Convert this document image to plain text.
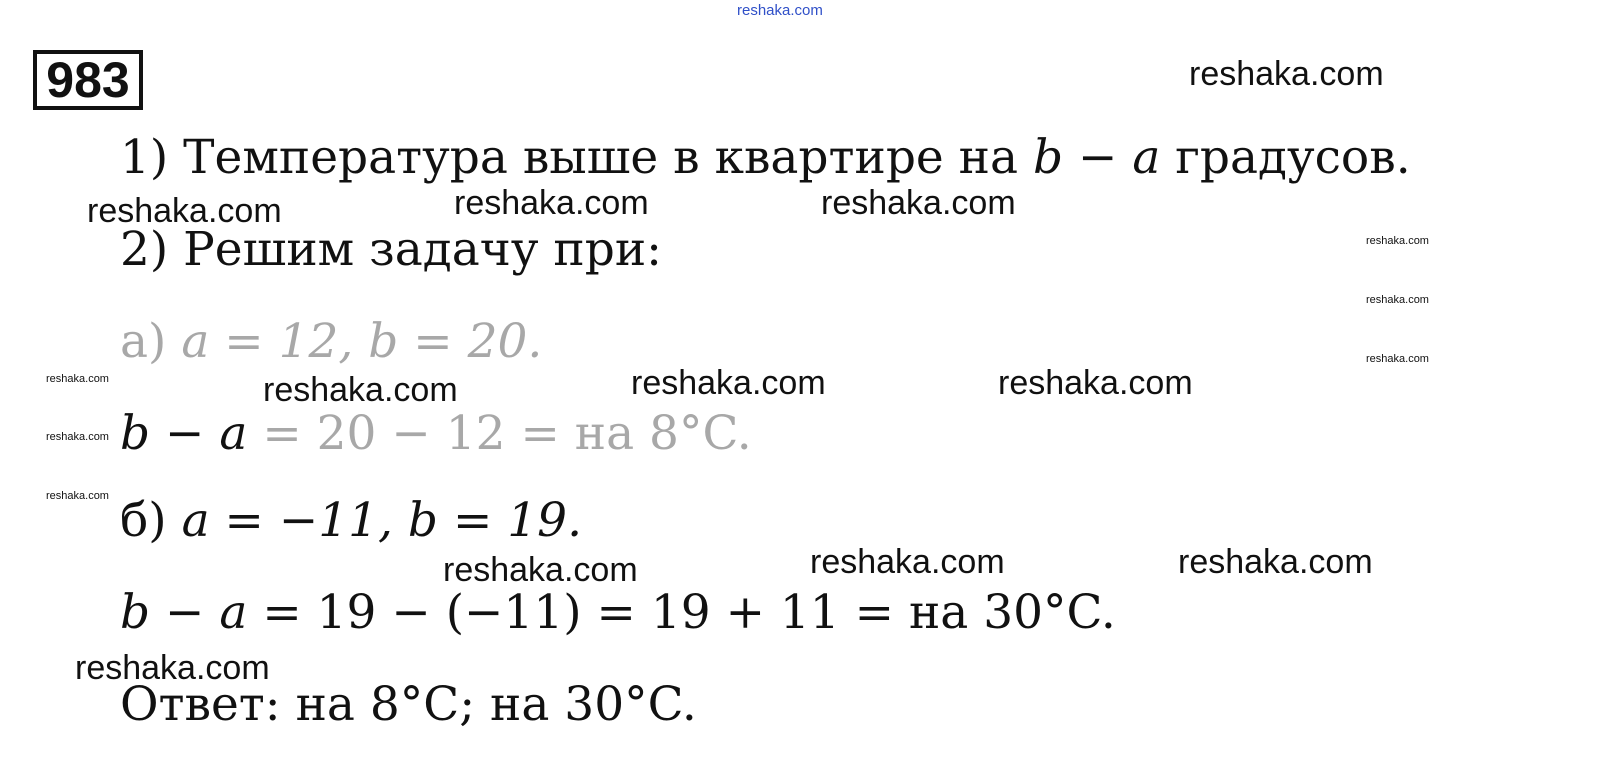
reshaka.com
983
1) Температура выше в квартире на b − a градусов.
2) Решим задачу при:
а) a = 12, b = 20.
b − a = 20 − 12 = на 8°C.
б) a = −11, b = 19.
b − a = 19 − (−11) = 19 + 11 = на 30°C.
Ответ: на 8°C; на 30°C.
reshaka.com
reshaka.com	reshaka.com	reshaka.com
reshaka.com	reshaka.com	reshaka.com
reshaka.com	reshaka.com	reshaka.com
reshaka.com
reshaka.com
reshaka.com
reshaka.com
reshaka.com
reshaka.com
reshaka.com
